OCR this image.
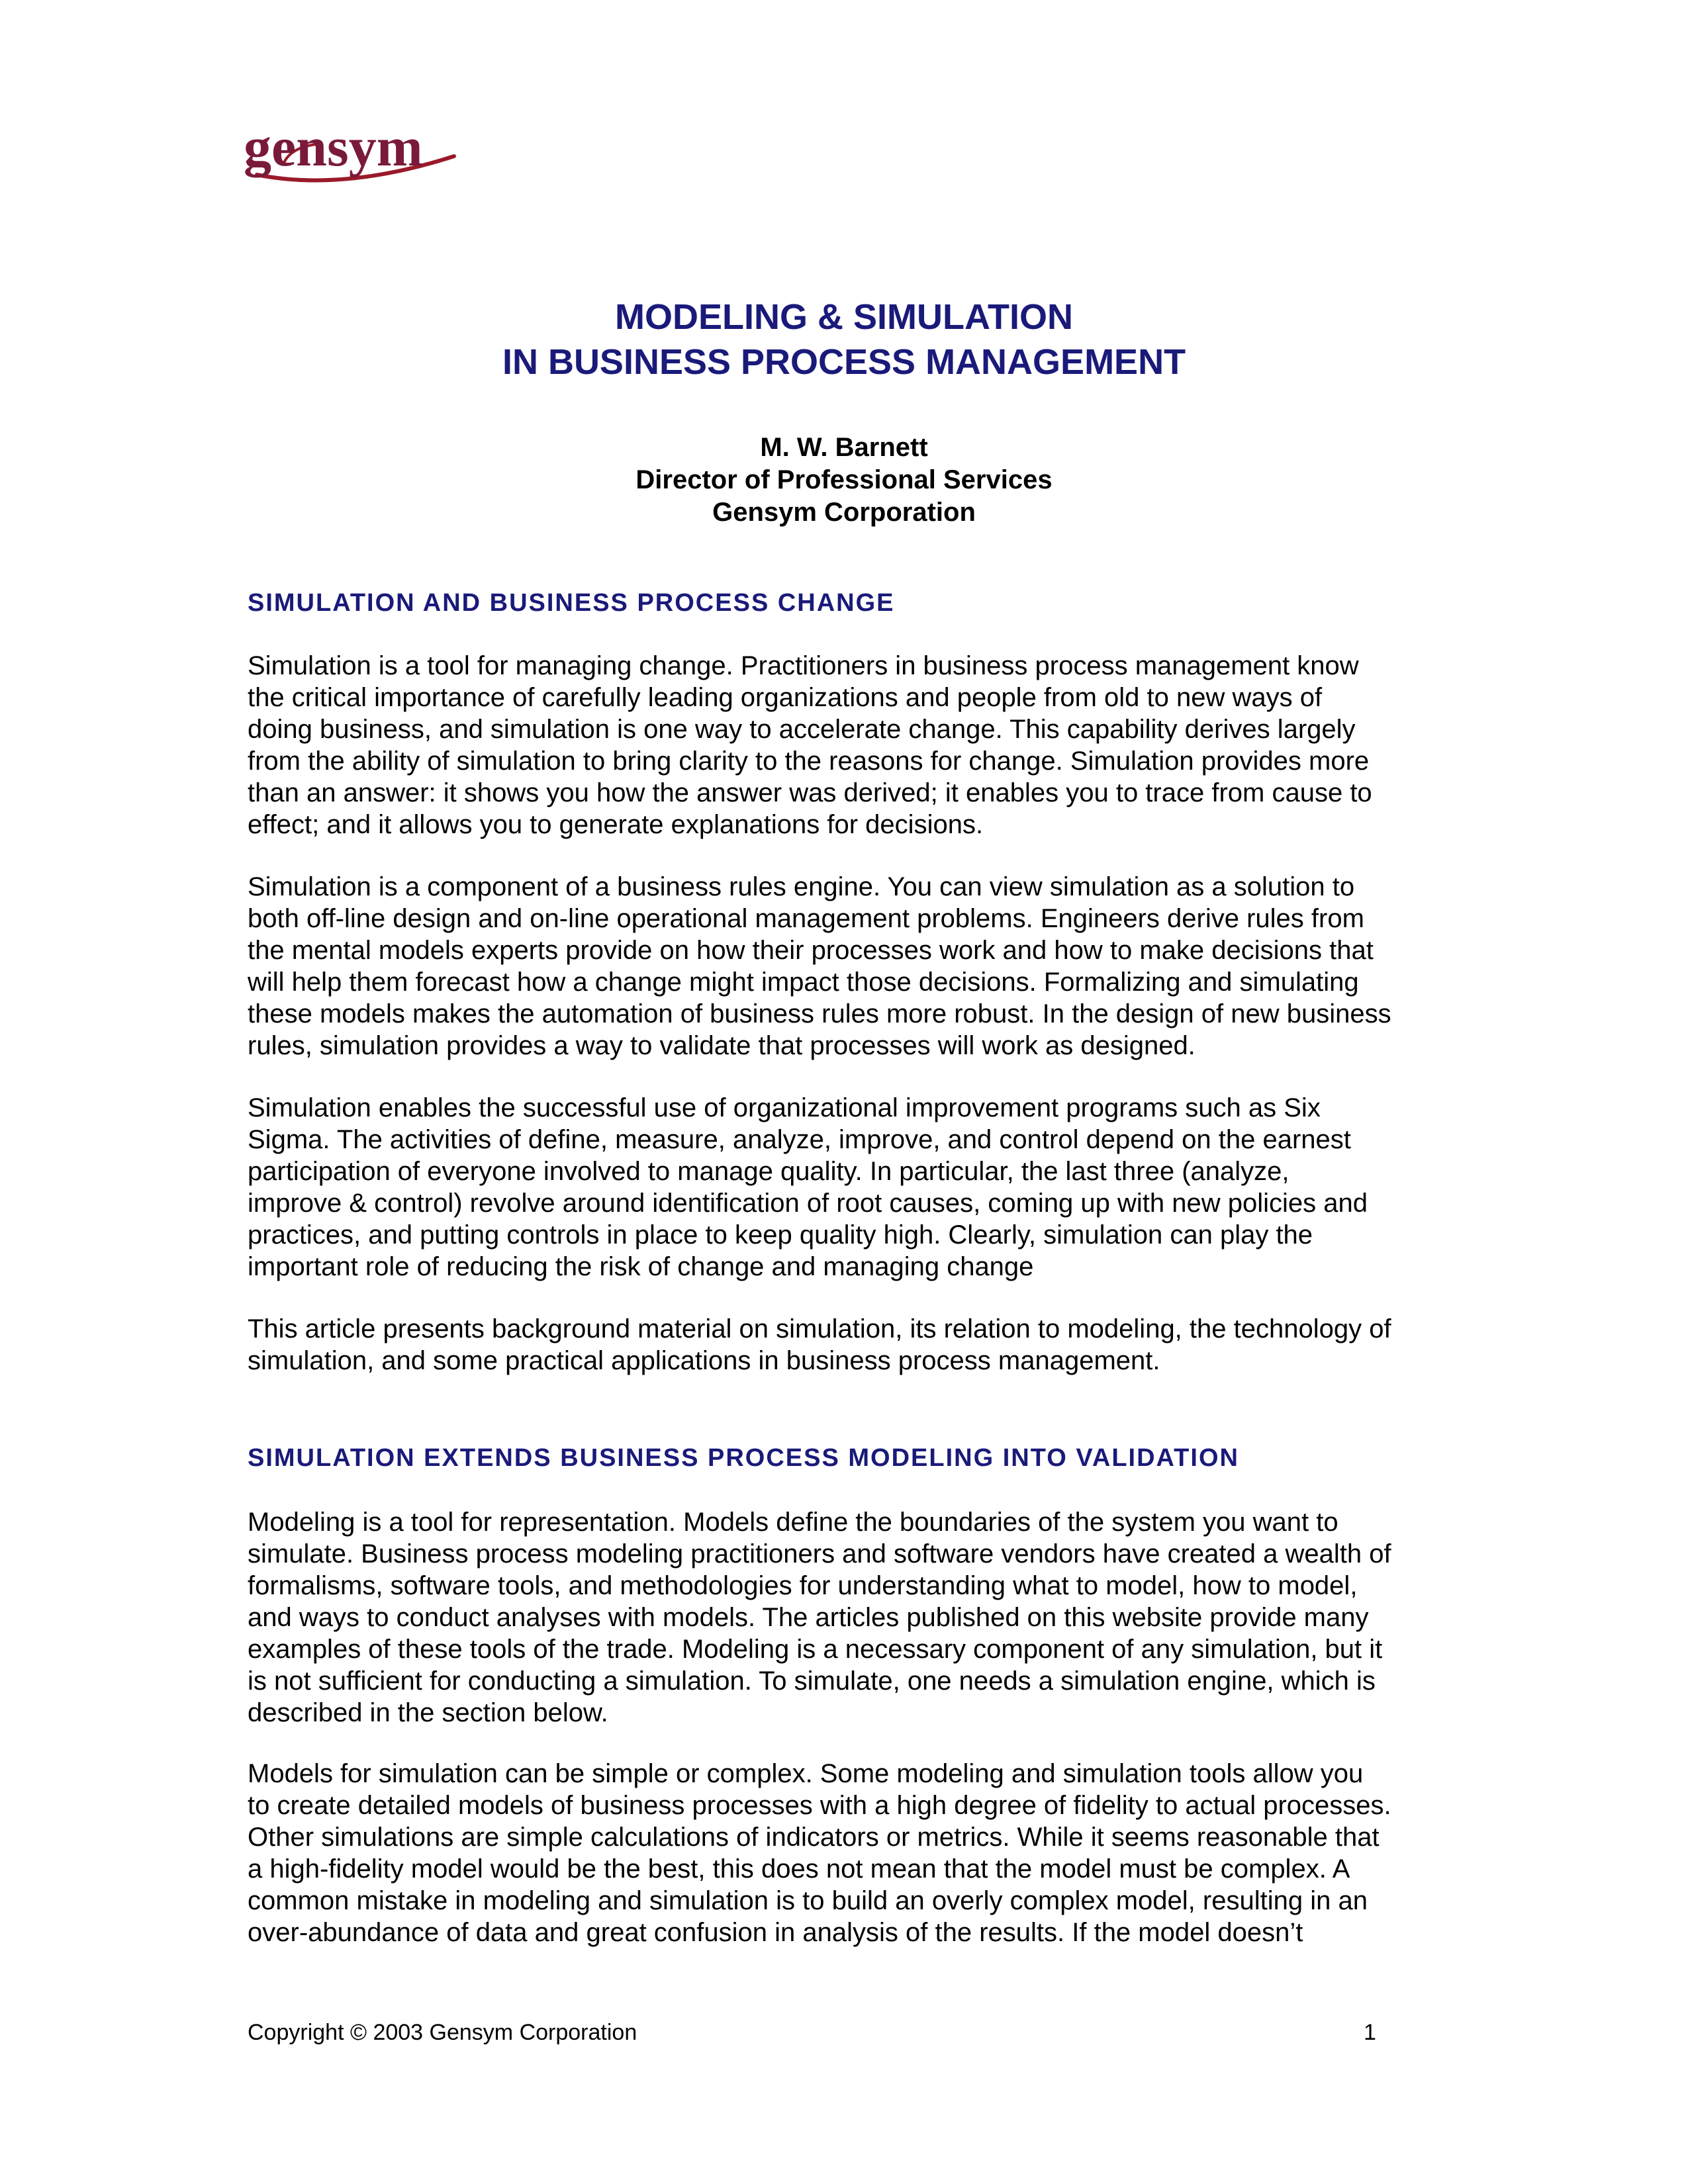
gensym
MODELING & SIMULATION
IN BUSINESS PROCESS MANAGEMENT
M. W. Barnett
Director of Professional Services
Gensym Corporation
SIMULATION AND BUSINESS PROCESS CHANGE
Simulation is a tool for managing change. Practitioners in business process management know
the critical importance of carefully leading organizations and people from old to new ways of
doing business, and simulation is one way to accelerate change. This capability derives largely
from the ability of simulation to bring clarity to the reasons for change. Simulation provides more
than an answer: it shows you how the answer was derived; it enables you to trace from cause to
effect; and it allows you to generate explanations for decisions.
Simulation is a component of a business rules engine. You can view simulation as a solution to
both off-line design and on-line operational management problems. Engineers derive rules from
the mental models experts provide on how their processes work and how to make decisions that
will help them forecast how a change might impact those decisions. Formalizing and simulating
these models makes the automation of business rules more robust. In the design of new business
rules, simulation provides a way to validate that processes will work as designed.
Simulation enables the successful use of organizational improvement programs such as Six
Sigma. The activities of define, measure, analyze, improve, and control depend on the earnest
participation of everyone involved to manage quality. In particular, the last three (analyze,
improve & control) revolve around identification of root causes, coming up with new policies and
practices, and putting controls in place to keep quality high. Clearly, simulation can play the
important role of reducing the risk of change and managing change
This article presents background material on simulation, its relation to modeling, the technology of
simulation, and some practical applications in business process management.
SIMULATION EXTENDS BUSINESS PROCESS MODELING INTO VALIDATION
Modeling is a tool for representation. Models define the boundaries of the system you want to
simulate. Business process modeling practitioners and software vendors have created a wealth of
formalisms, software tools, and methodologies for understanding what to model, how to model,
and ways to conduct analyses with models. The articles published on this website provide many
examples of these tools of the trade. Modeling is a necessary component of any simulation, but it
is not sufficient for conducting a simulation. To simulate, one needs a simulation engine, which is
described in the section below.
Models for simulation can be simple or complex. Some modeling and simulation tools allow you
to create detailed models of business processes with a high degree of fidelity to actual processes.
Other simulations are simple calculations of indicators or metrics. While it seems reasonable that
a high-fidelity model would be the best, this does not mean that the model must be complex. A
common mistake in modeling and simulation is to build an overly complex model, resulting in an
over-abundance of data and great confusion in analysis of the results. If the model doesn’t
Copyright © 2003 Gensym Corporation	1
